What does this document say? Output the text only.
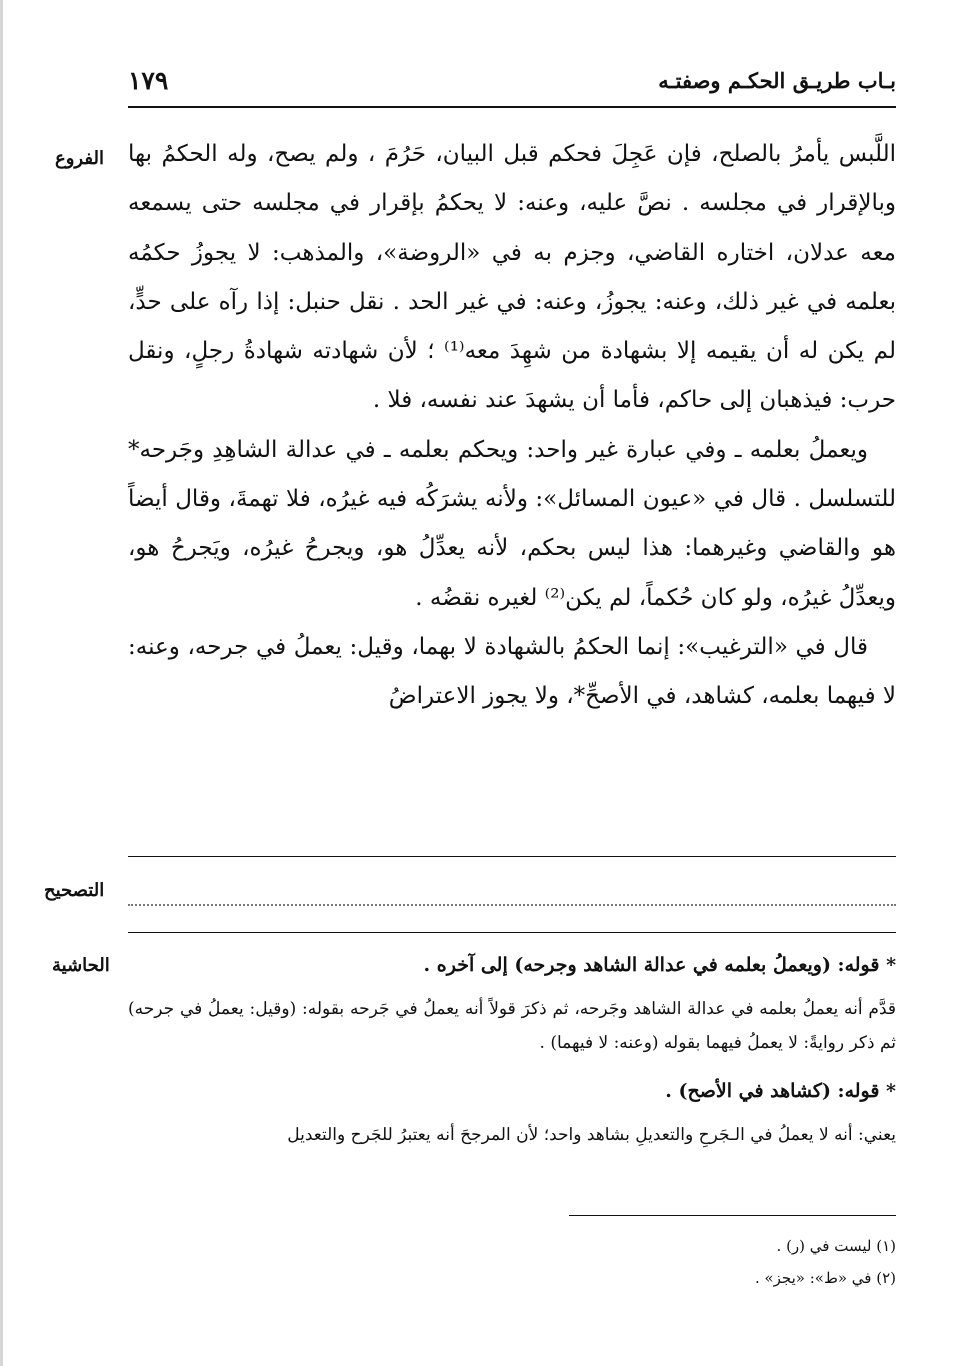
بـاب طريـق الحكـم وصفتـه
١٧٩
الفروع اللَّبس يأمرُ بالصلح، فإن عَجِلَ فحكم قبل البيان، حَرُمَ ، ولم يصح، وله الحكمُ بها وبالإقرار في مجلسه . نصَّ عليه، وعنه: لا يحكمُ بإقرار في مجلسه حتى يسمعه معه عدلان، اختاره القاضي، وجزم به في «الروضة»، والمذهب: لا يجوزُ حكمُه بعلمه في غير ذلك، وعنه: يجوزُ، وعنه: في غير الحد . نقل حنبل: إذا رآه على حدٍّ، لم يكن له أن يقيمه إلا بشهادة من شهِدَ معه⁽¹⁾ ؛ لأن شهادته شهادةُ رجلٍ، ونقل حرب: فيذهبان إلى حاكم، فأما أن يشهدَ عند نفسه، فلا .

ويعملُ بعلمه ـ وفي عبارة غير واحد: ويحكم بعلمه ـ في عدالة الشاهِدِ وجَرحه* للتسلسل . قال في «عيون المسائل»: ولأنه يشرَكُه فيه غيرُه، فلا تهمةَ، وقال أيضاً هو والقاضي وغيرهما: هذا ليس بحكم، لأنه يعدِّلُ هو، ويجرحُ غيرُه، ويَجرحُ هو، ويعدِّلُ غيرُه، ولو كان حُكماً، لم يكن⁽²⁾ لغيره نقضُه .

قال في «الترغيب»: إنما الحكمُ بالشهادة لا بهما، وقيل: يعملُ في جرحه، وعنه: لا فيهما بعلمه، كشاهد، في الأصحِّ*، ولا يجوز الاعتراضُ

التصحيح
الحاشية	* قوله: (ويعملُ بعلمه في عدالة الشاهد وجرحه) إلى آخره .

قدَّم أنه يعملُ بعلمه في عدالة الشاهد وجَرحه، ثم ذكرَ قولاً أنه يعملُ في جَرحه بقوله: (وقيل: يعملُ في جرحه) ثم ذكر روايةً: لا يعملُ فيهما بقوله (وعنه: لا فيهما) .

* قوله: (كشاهد في الأصح) .

يعني: أنه لا يعملُ في الـجَرحِ والتعديلِ بشاهد واحد؛ لأن المرجحَ أنه يعتبرُ للجَرح والتعديل

(١) ليست في (ر) .
(٢) في «ط»: «يجز» .
